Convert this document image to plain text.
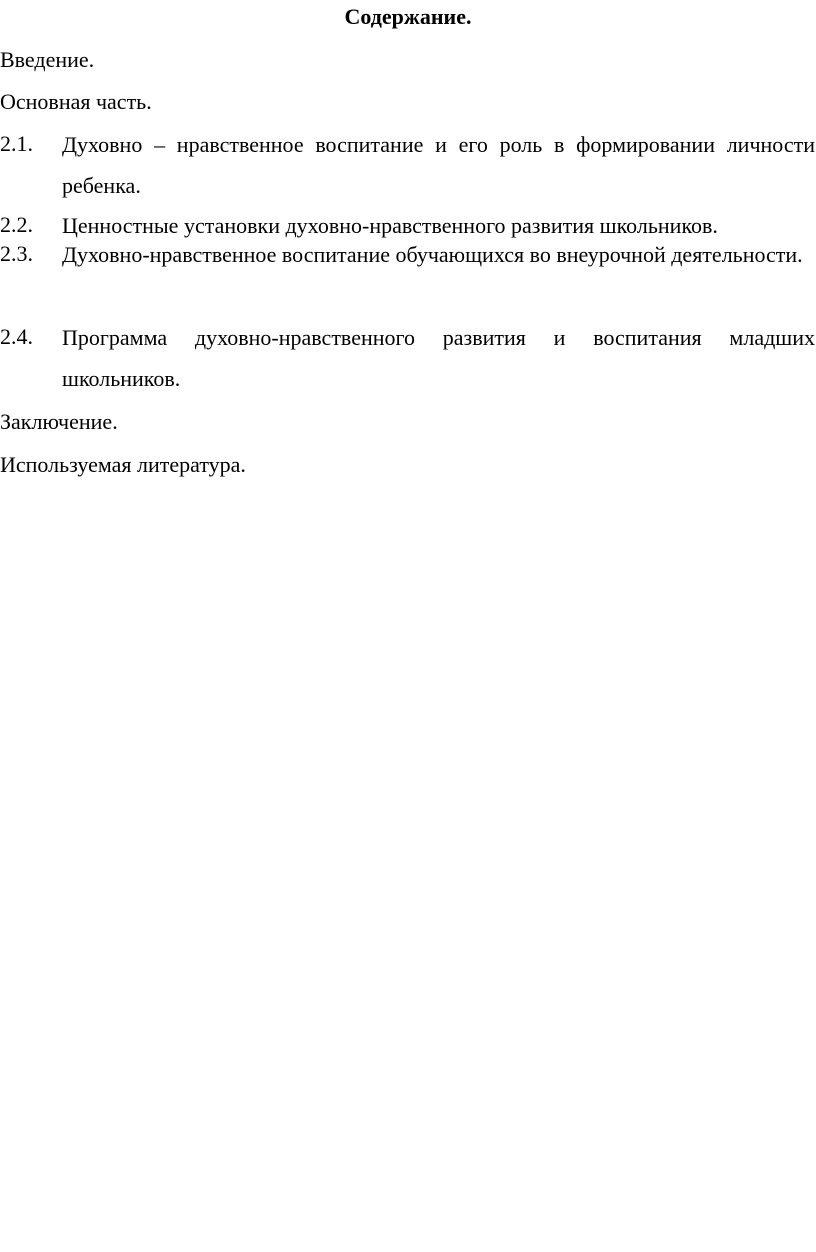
Содержание.
Введение.
Основная часть.
2.1. Духовно – нравственное воспитание и его роль в формировании личности ребенка.
2.2. Ценностные установки духовно-нравственного развития школьников.
2.3. Духовно-нравственное воспитание обучающихся во внеурочной деятельности.
2.4. Программа духовно-нравственного развития и воспитания младших школьников.
Заключение.
Используемая литература.
